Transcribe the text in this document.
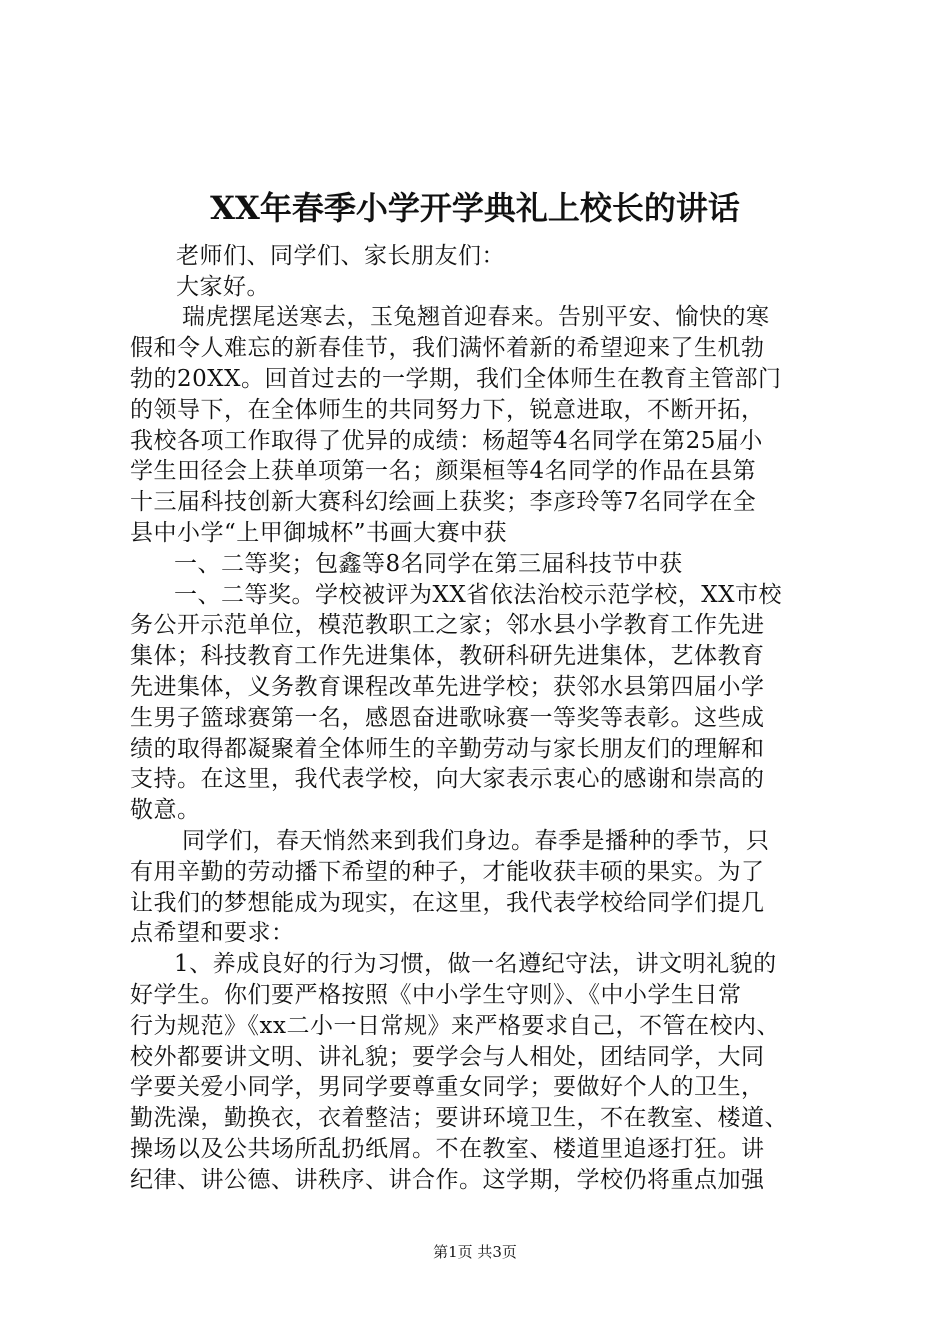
XX年春季小学开学典礼上校长的讲话
老师们、同学们、家长朋友们：
大家好。
瑞虎摆尾送寒去，玉兔翘首迎春来。告别平安、愉快的寒
假和令人难忘的新春佳节，我们满怀着新的希望迎来了生机勃
勃的20XX。回首过去的一学期，我们全体师生在教育主管部门
的领导下，在全体师生的共同努力下，锐意进取，不断开拓，
我校各项工作取得了优异的成绩：杨超等4名同学在第25届小
学生田径会上获单项第一名；颜渠桓等4名同学的作品在县第
十三届科技创新大赛科幻绘画上获奖；李彦玲等7名同学在全
县中小学“上甲御城杯”书画大赛中获
一、二等奖；包鑫等8名同学在第三届科技节中获
一、二等奖。学校被评为XX省依法治校示范学校，XX市校
务公开示范单位，模范教职工之家；邻水县小学教育工作先进
集体；科技教育工作先进集体，教研科研先进集体，艺体教育
先进集体，义务教育课程改革先进学校；获邻水县第四届小学
生男子篮球赛第一名，感恩奋进歌咏赛一等奖等表彰。这些成
绩的取得都凝聚着全体师生的辛勤劳动与家长朋友们的理解和
支持。在这里，我代表学校，向大家表示衷心的感谢和崇高的
敬意。
同学们，春天悄然来到我们身边。春季是播种的季节，只
有用辛勤的劳动播下希望的种子，才能收获丰硕的果实。为了
让我们的梦想能成为现实，在这里，我代表学校给同学们提几
点希望和要求：
1、养成良好的行为习惯，做一名遵纪守法，讲文明礼貌的
好学生。你们要严格按照《中小学生守则》、《中小学生日常
行为规范》《xx二小一日常规》来严格要求自己，不管在校内、
校外都要讲文明、讲礼貌；要学会与人相处，团结同学，大同
学要关爱小同学，男同学要尊重女同学；要做好个人的卫生，
勤洗澡，勤换衣，衣着整洁；要讲环境卫生，不在教室、楼道、
操场以及公共场所乱扔纸屑。不在教室、楼道里追逐打狂。讲
纪律、讲公德、讲秩序、讲合作。这学期，学校仍将重点加强
第1页 共3页
